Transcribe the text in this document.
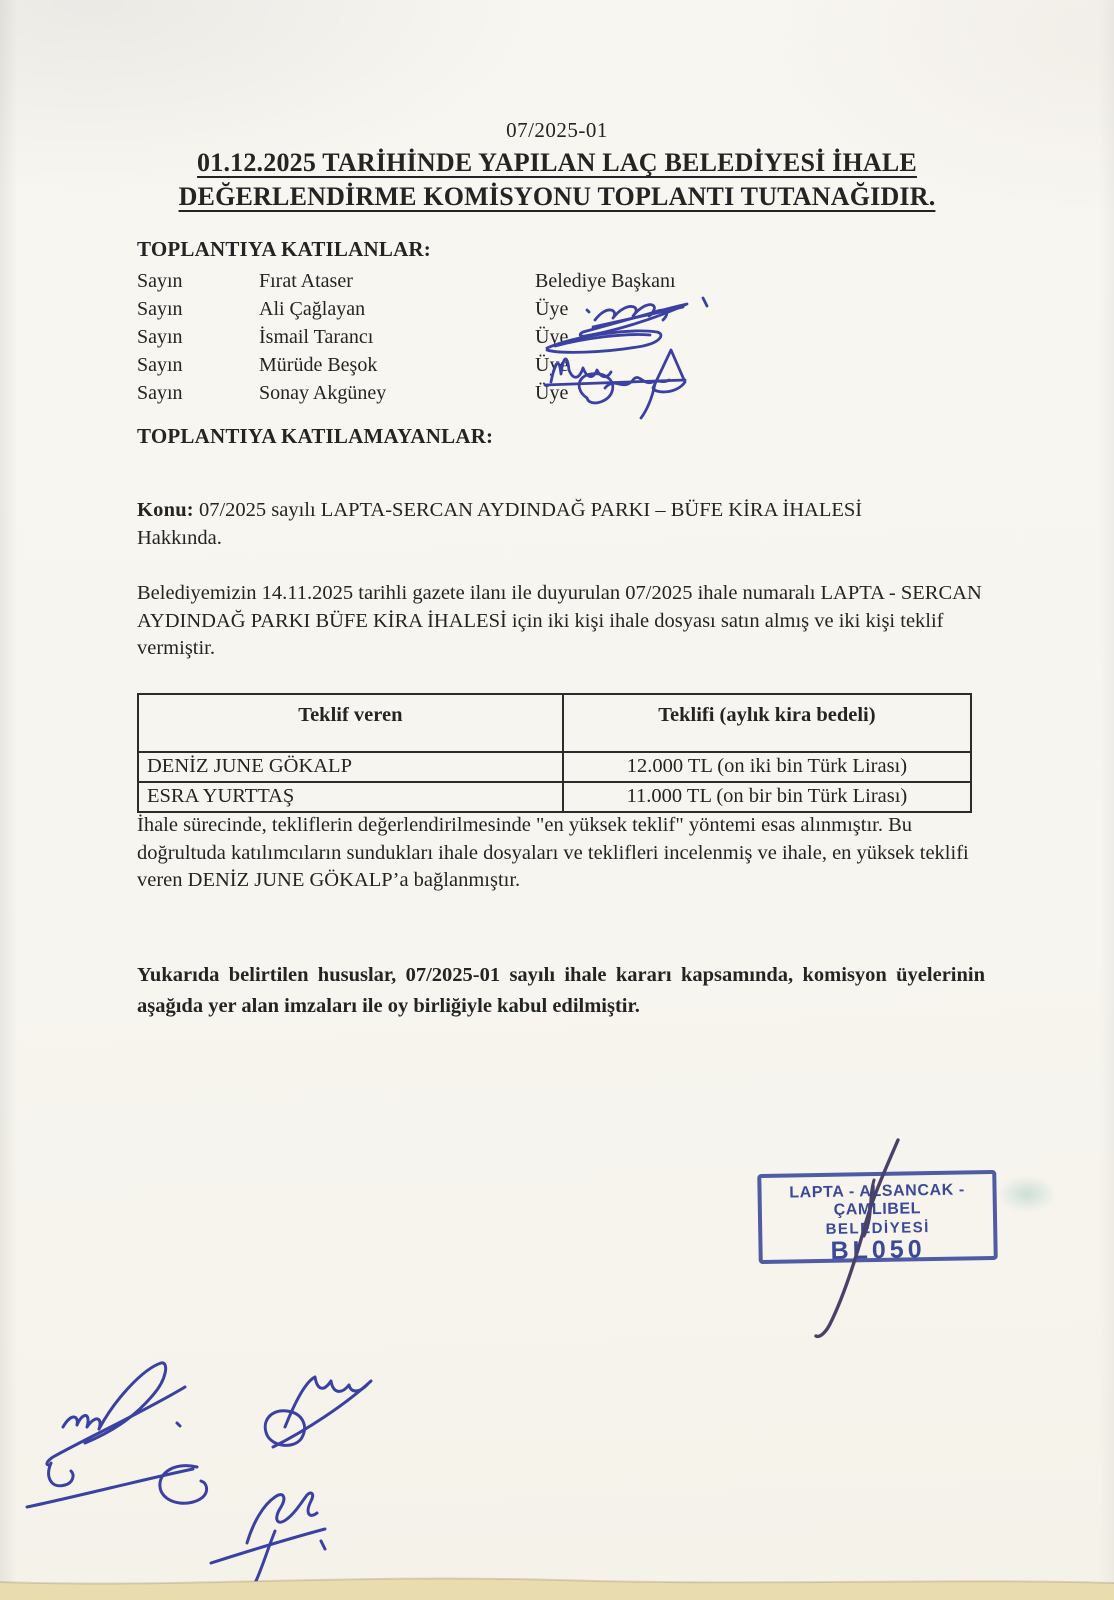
07/2025-01
01.12.2025 TARİHİNDE YAPILAN LAÇ BELEDİYESİ İHALE
DEĞERLENDİRME KOMİSYONU TOPLANTI TUTANAĞIDIR.
TOPLANTIYA KATILANLAR:
Sayın	Fırat Ataser	Belediye Başkanı
Sayın	Ali Çağlayan	Üye
Sayın	İsmail Tarancı	Üye
Sayın	Mürüde Beşok	Üye
Sayın	Sonay Akgüney	Üye
TOPLANTIYA KATILAMAYANLAR:

Konu: 07/2025 sayılı LAPTA-SERCAN AYDINDAĞ PARKI – BÜFE KİRA İHALESİ
Hakkında.

Belediyemizin 14.11.2025 tarihli gazete ilanı ile duyurulan 07/2025 ihale numaralı LAPTA - SERCAN AYDINDAĞ PARKI BÜFE KİRA İHALESİ için iki kişi ihale dosyası satın almış ve iki kişi teklif vermiştir.

Teklif veren	Teklifi (aylık kira bedeli)
DENİZ JUNE GÖKALP	12.000 TL (on iki bin Türk Lirası)
ESRA YURTTAŞ	11.000 TL (on bir bin Türk Lirası)

İhale sürecinde, tekliflerin değerlendirilmesinde "en yüksek teklif" yöntemi esas alınmıştır. Bu doğrultuda katılımcıların sundukları ihale dosyaları ve teklifleri incelenmiş ve ihale, en yüksek teklifi veren DENİZ JUNE GÖKALP’a bağlanmıştır.

Yukarıda belirtilen hususlar, 07/2025-01 sayılı ihale kararı kapsamında, komisyon üyelerinin aşağıda yer alan imzaları ile oy birliğiyle kabul edilmiştir.

LAPTA - ALSANCAK - ÇAMLIBEL
BELEDİYESİ
BL050
